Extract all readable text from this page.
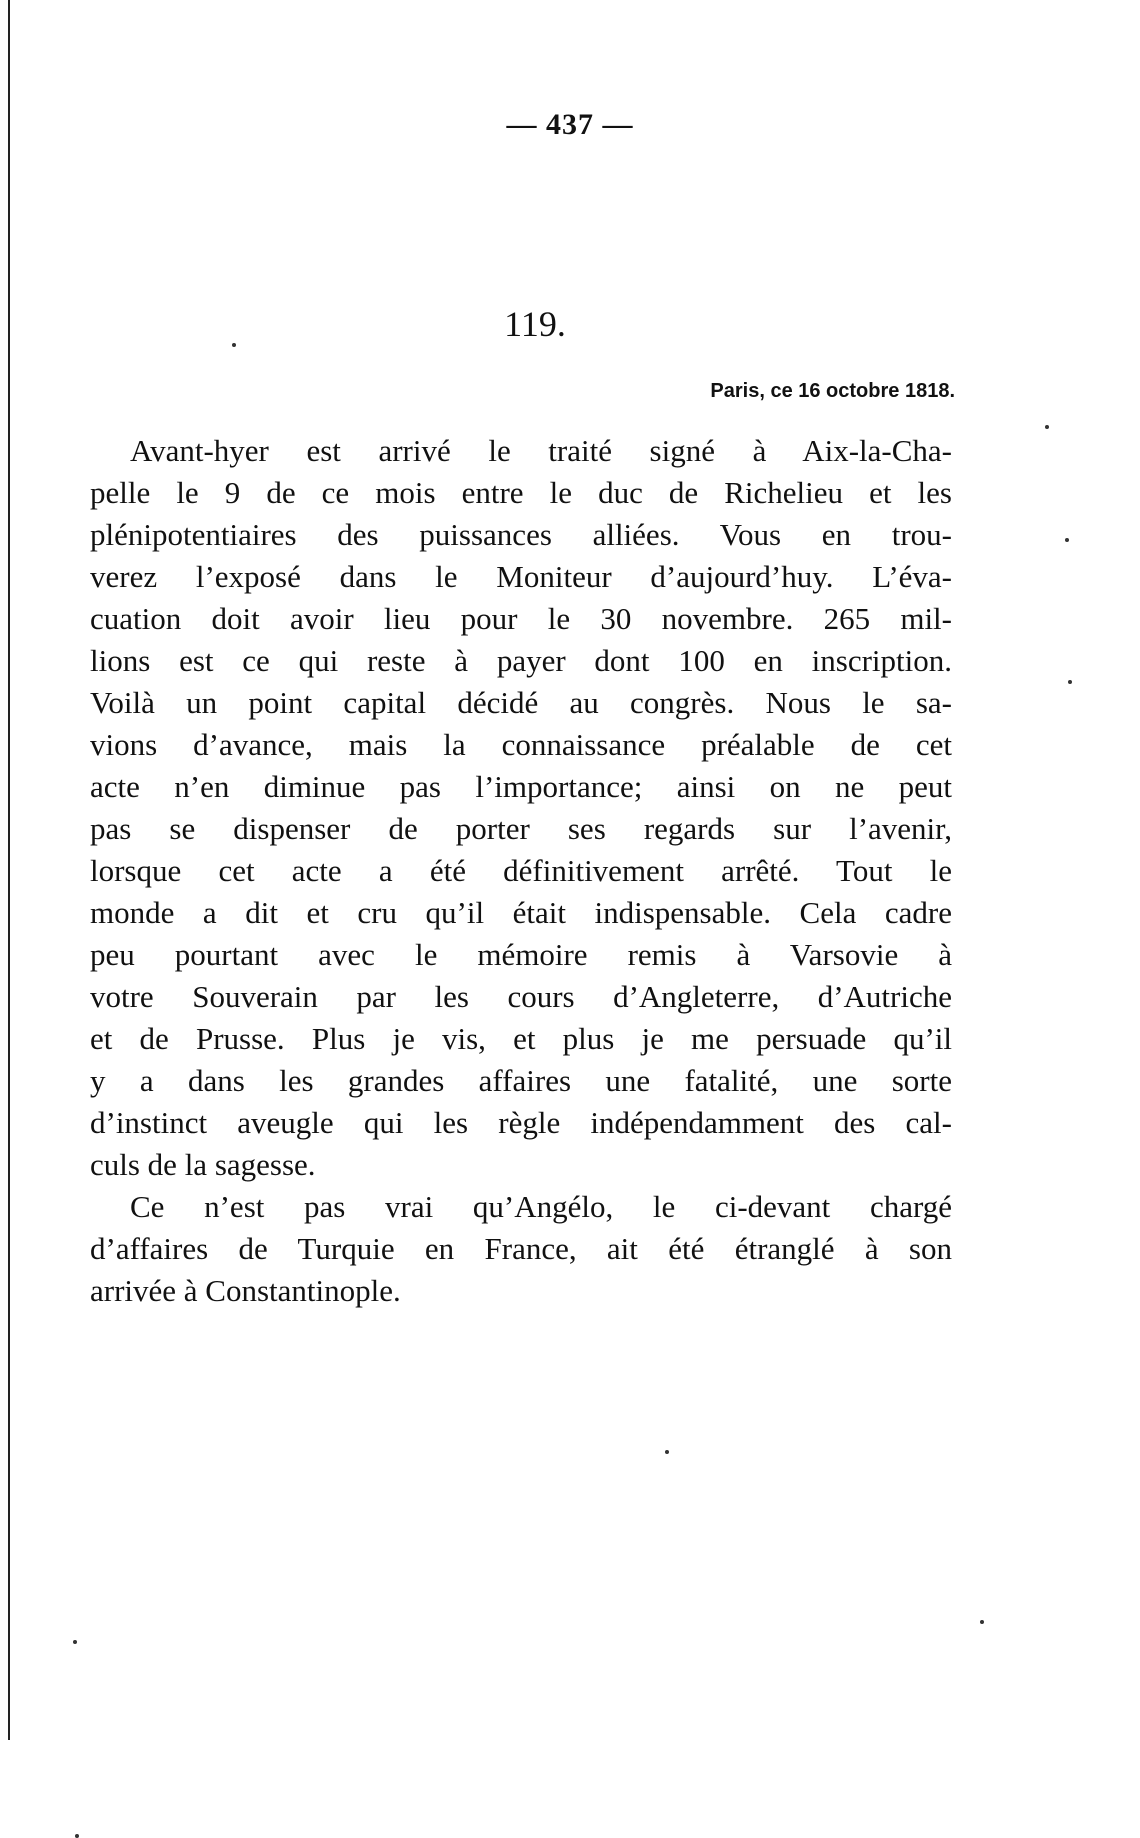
— 437 —
119.
Paris, ce 16 octobre 1818.
Avant-hyer est arrivé le traité signé à Aix-la-Cha-
pelle le 9 de ce mois entre le duc de Richelieu et les
plénipotentiaires des puissances alliées. Vous en trou-
verez l’exposé dans le Moniteur d’aujourd’huy. L’éva-
cuation doit avoir lieu pour le 30 novembre. 265 mil-
lions est ce qui reste à payer dont 100 en inscription.
Voilà un point capital décidé au congrès. Nous le sa-
vions d’avance, mais la connaissance préalable de cet
acte n’en diminue pas l’importance; ainsi on ne peut
pas se dispenser de porter ses regards sur l’avenir,
lorsque cet acte a été définitivement arrêté. Tout le
monde a dit et cru qu’il était indispensable. Cela cadre
peu pourtant avec le mémoire remis à Varsovie à
votre Souverain par les cours d’Angleterre, d’Autriche
et de Prusse. Plus je vis, et plus je me persuade qu’il
y a dans les grandes affaires une fatalité, une sorte
d’instinct aveugle qui les règle indépendamment des cal-
culs de la sagesse.
Ce n’est pas vrai qu’Angélo, le ci-devant chargé
d’affaires de Turquie en France, ait été étranglé à son
arrivée à Constantinople.
